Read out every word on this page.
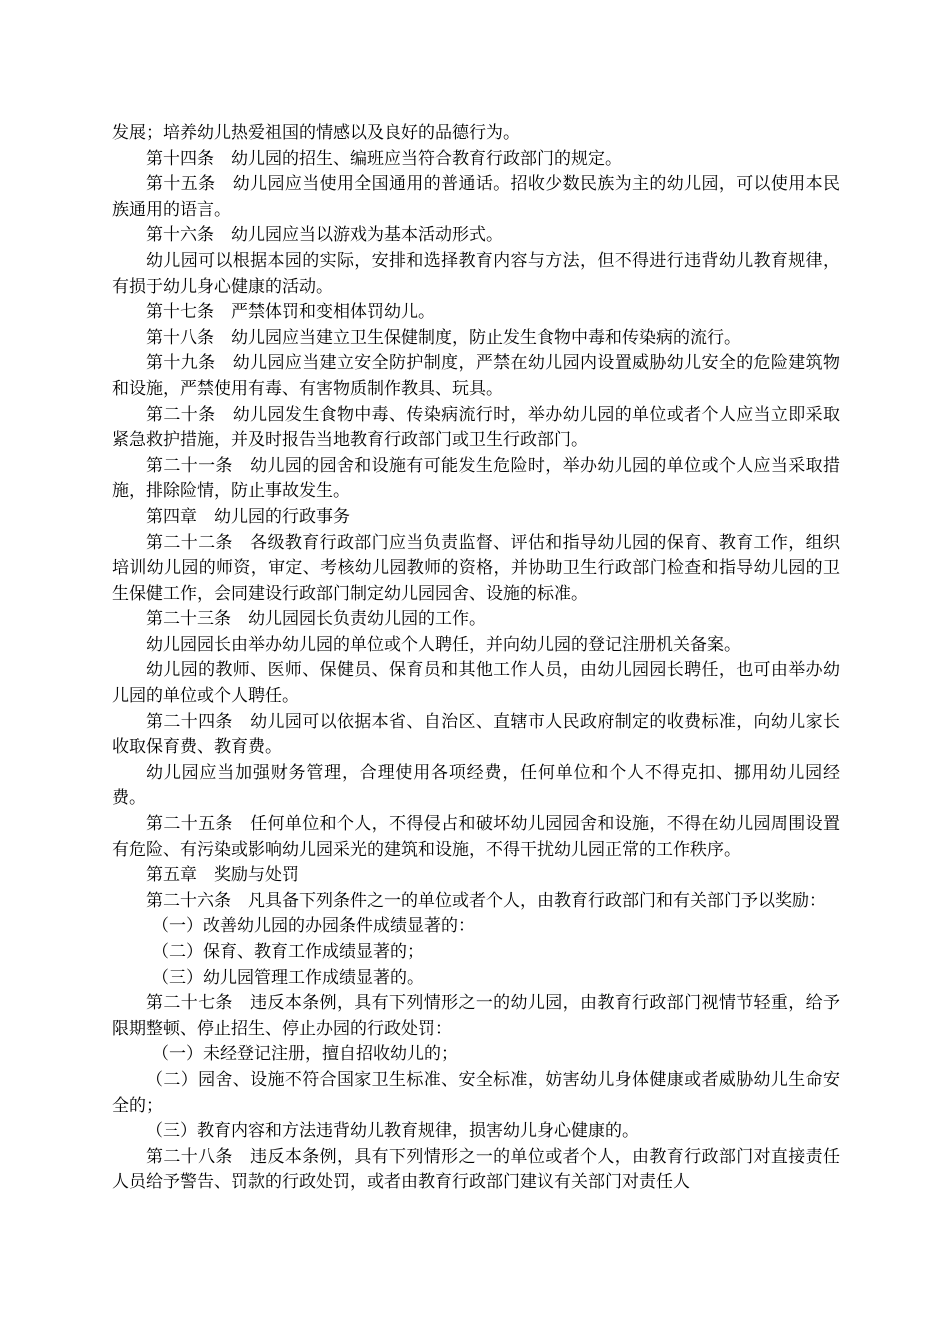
发展；培养幼儿热爱祖国的情感以及良好的品德行为。

第十四条　幼儿园的招生、编班应当符合教育行政部门的规定。

第十五条　幼儿园应当使用全国通用的普通话。招收少数民族为主的幼儿园，可以使用本民族通用的语言。

第十六条　幼儿园应当以游戏为基本活动形式。

幼儿园可以根据本园的实际，安排和选择教育内容与方法，但不得进行违背幼儿教育规律，有损于幼儿身心健康的活动。

第十七条　严禁体罚和变相体罚幼儿。

第十八条　幼儿园应当建立卫生保健制度，防止发生食物中毒和传染病的流行。

第十九条　幼儿园应当建立安全防护制度，严禁在幼儿园内设置威胁幼儿安全的危险建筑物和设施，严禁使用有毒、有害物质制作教具、玩具。

第二十条　幼儿园发生食物中毒、传染病流行时，举办幼儿园的单位或者个人应当立即采取紧急救护措施，并及时报告当地教育行政部门或卫生行政部门。

第二十一条　幼儿园的园舍和设施有可能发生危险时，举办幼儿园的单位或个人应当采取措施，排除险情，防止事故发生。

第四章　幼儿园的行政事务

第二十二条　各级教育行政部门应当负责监督、评估和指导幼儿园的保育、教育工作，组织培训幼儿园的师资，审定、考核幼儿园教师的资格，并协助卫生行政部门检查和指导幼儿园的卫生保健工作，会同建设行政部门制定幼儿园园舍、设施的标准。

第二十三条　幼儿园园长负责幼儿园的工作。

幼儿园园长由举办幼儿园的单位或个人聘任，并向幼儿园的登记注册机关备案。

幼儿园的教师、医师、保健员、保育员和其他工作人员，由幼儿园园长聘任，也可由举办幼儿园的单位或个人聘任。

第二十四条　幼儿园可以依据本省、自治区、直辖市人民政府制定的收费标准，向幼儿家长收取保育费、教育费。

幼儿园应当加强财务管理，合理使用各项经费，任何单位和个人不得克扣、挪用幼儿园经费。

第二十五条　任何单位和个人，不得侵占和破坏幼儿园园舍和设施，不得在幼儿园周围设置有危险、有污染或影响幼儿园采光的建筑和设施，不得干扰幼儿园正常的工作秩序。

第五章　奖励与处罚

第二十六条　凡具备下列条件之一的单位或者个人，由教育行政部门和有关部门予以奖励：

（一）改善幼儿园的办园条件成绩显著的：

（二）保育、教育工作成绩显著的；

（三）幼儿园管理工作成绩显著的。

第二十七条　违反本条例，具有下列情形之一的幼儿园，由教育行政部门视情节轻重，给予限期整顿、停止招生、停止办园的行政处罚：

（一）未经登记注册，擅自招收幼儿的；

（二）园舍、设施不符合国家卫生标准、安全标准，妨害幼儿身体健康或者威胁幼儿生命安全的；

（三）教育内容和方法违背幼儿教育规律，损害幼儿身心健康的。

第二十八条　违反本条例，具有下列情形之一的单位或者个人，由教育行政部门对直接责任人员给予警告、罚款的行政处罚，或者由教育行政部门建议有关部门对责任人
